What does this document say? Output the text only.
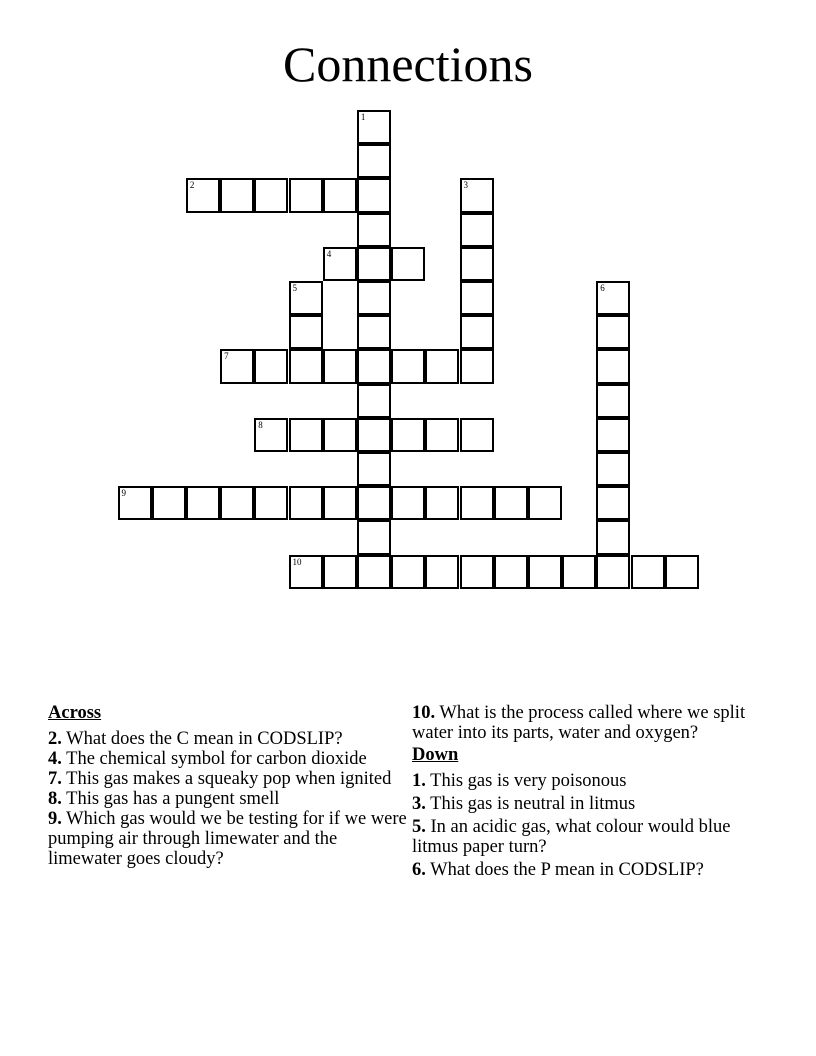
Connections
1
2	3
4
5	6
7
8
9
10
Across
2. What does the C mean in CODSLIP?
4. The chemical symbol for carbon dioxide
7. This gas makes a squeaky pop when ignited
8. This gas has a pungent smell
9. Which gas would we be testing for if we were pumping air through limewater and the limewater goes cloudy?
10. What is the process called where we split water into its parts, water and oxygen?
Down
1. This gas is very poisonous
3. This gas is neutral in litmus
5. In an acidic gas, what colour would blue litmus paper turn?
6. What does the P mean in CODSLIP?
